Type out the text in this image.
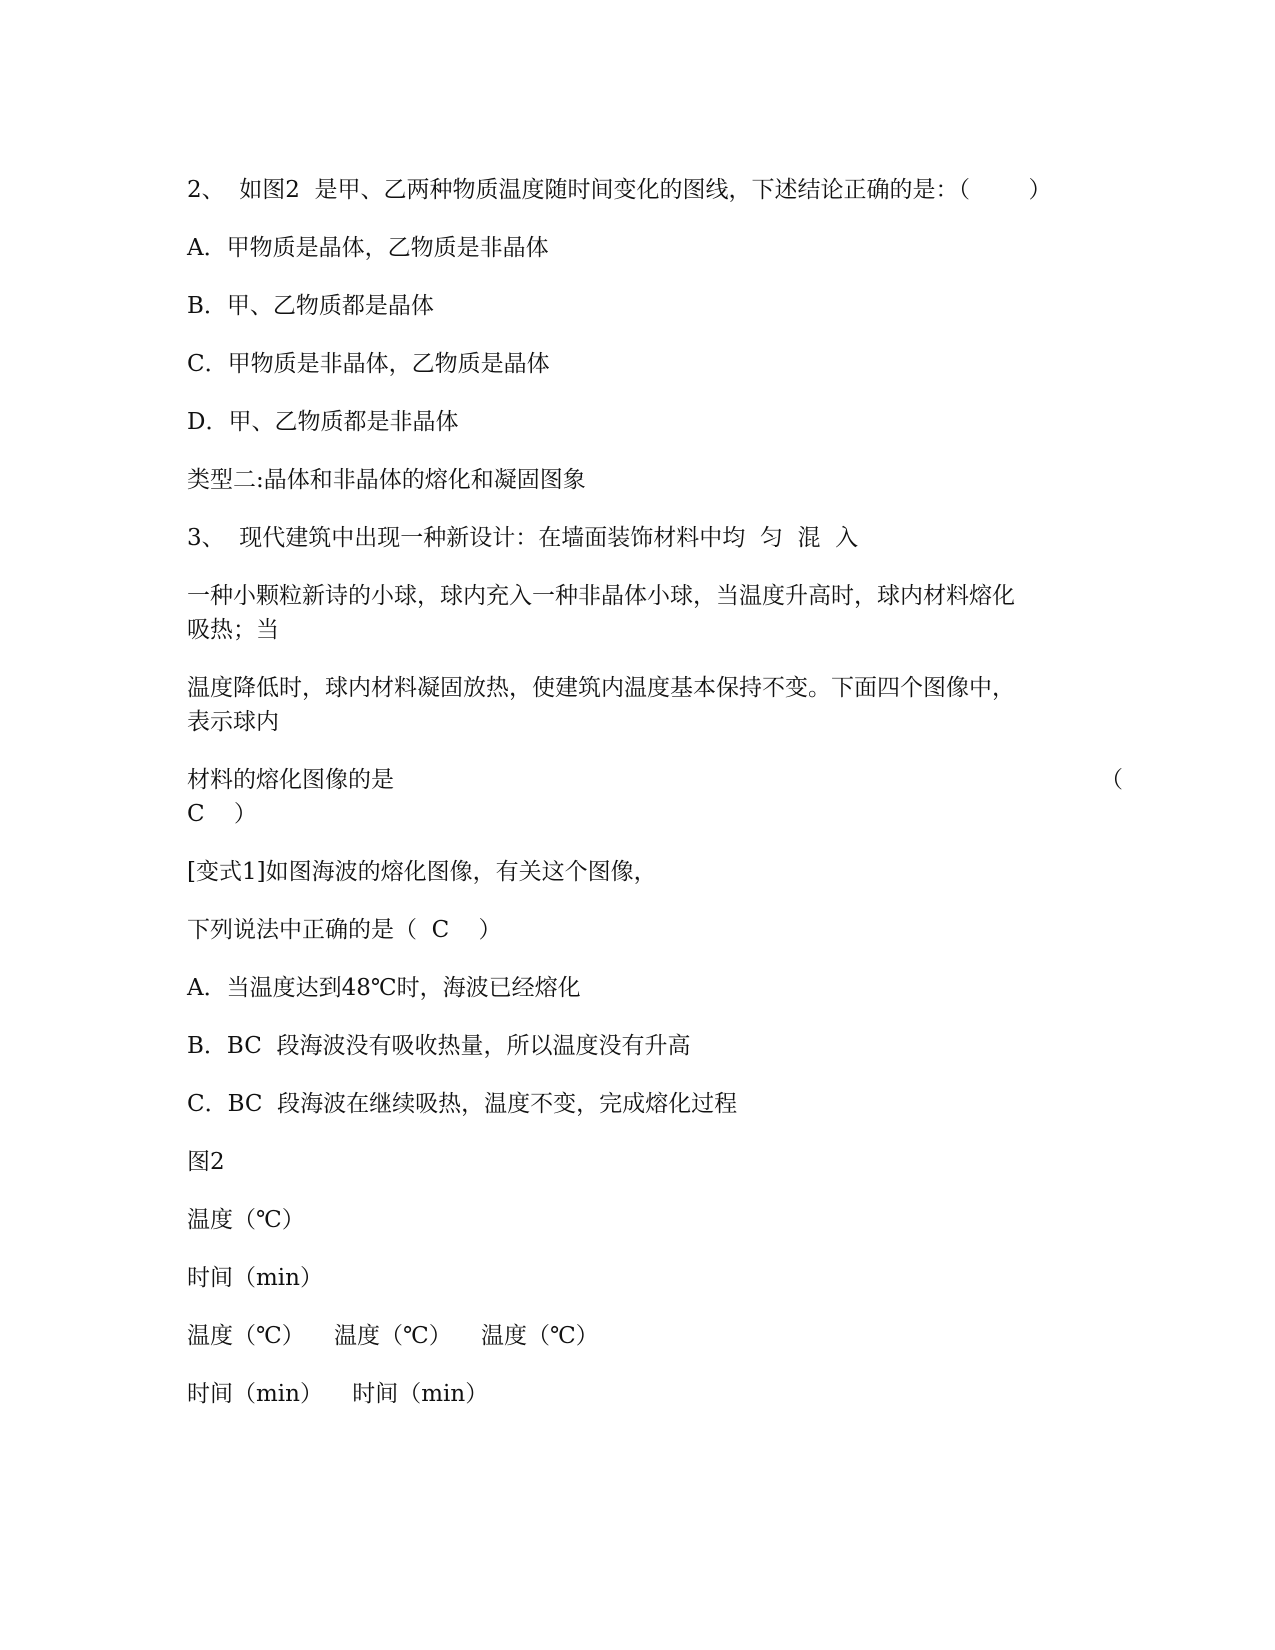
2、  如图2  是甲、乙两种物质温度随时间变化的图线，下述结论正确的是：（        ）

A．甲物质是晶体，乙物质是非晶体

B．甲、乙物质都是晶体

C．甲物质是非晶体，乙物质是晶体

D．甲、乙物质都是非晶体

类型二:晶体和非晶体的熔化和凝固图象

3、  现代建筑中出现一种新设计：在墙面装饰材料中均  匀  混  入

一种小颗粒新诗的小球，球内充入一种非晶体小球，当温度升高时，球内材料熔化

吸热；当

温度降低时，球内材料凝固放热，使建筑内温度基本保持不变。下面四个图像中，

表示球内

材料的熔化图像的是	（

C    ）

[变式1]如图海波的熔化图像，有关这个图像，

下列说法中正确的是（  C    ）

A．当温度达到48℃时，海波已经熔化

B．BC  段海波没有吸收热量，所以温度没有升高

C．BC  段海波在继续吸热，温度不变，完成熔化过程

图2

温度（℃）

时间（min）

温度（℃）    温度（℃）    温度（℃）

时间（min）    时间（min）
